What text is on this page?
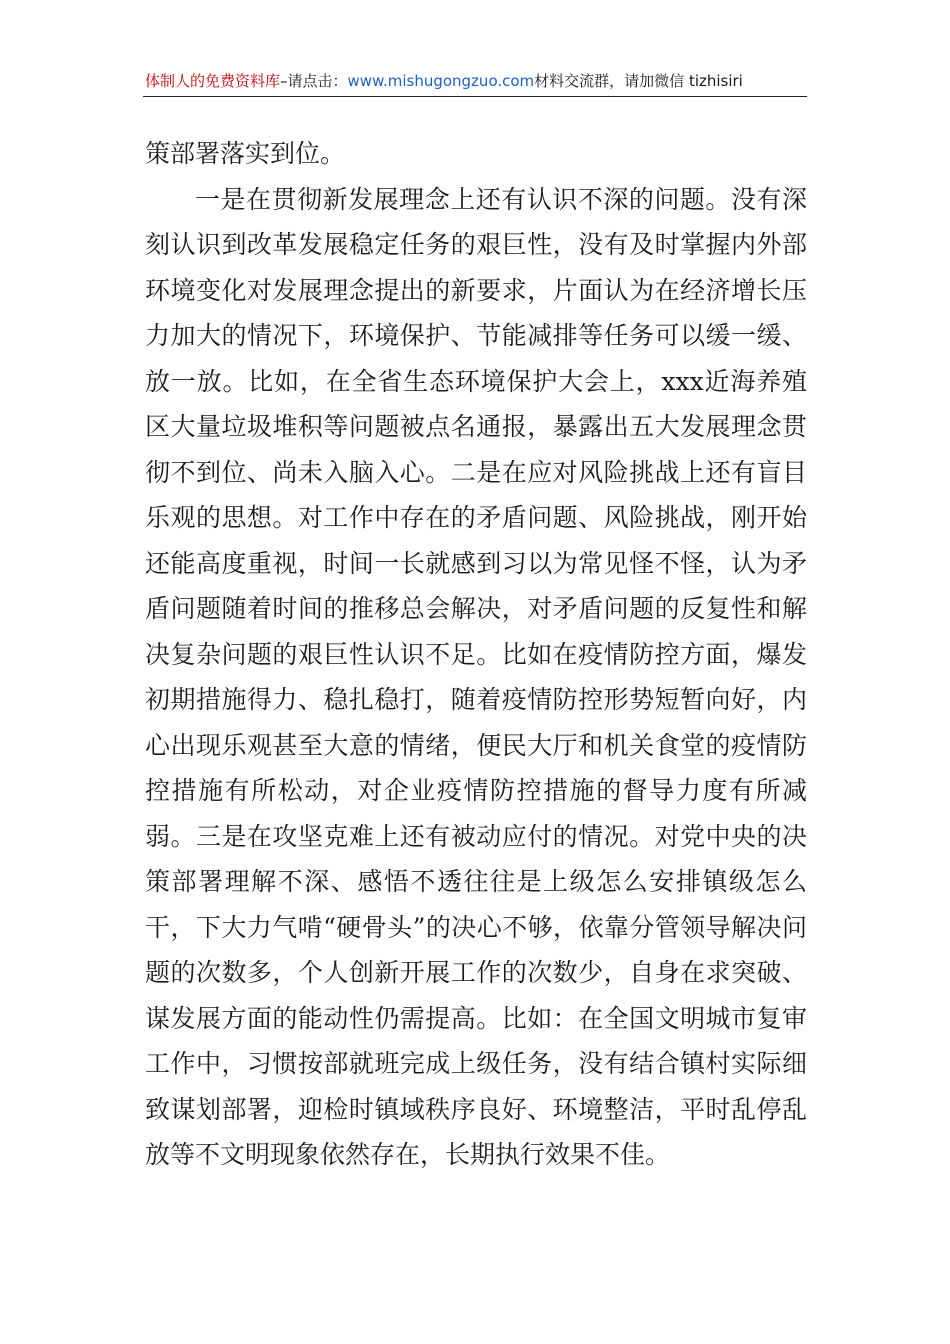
体制人的免费资料库–请点击：www.mishugongzuo.com材料交流群，请加微信 tizhisiri

策部署落实到位。

一是在贯彻新发展理念上还有认识不深的问题。没有深刻认识到改革发展稳定任务的艰巨性，没有及时掌握内外部环境变化对发展理念提出的新要求，片面认为在经济增长压力加大的情况下，环境保护、节能减排等任务可以缓一缓、放一放。比如，在全省生态环境保护大会上，xxx近海养殖区大量垃圾堆积等问题被点名通报，暴露出五大发展理念贯彻不到位、尚未入脑入心。二是在应对风险挑战上还有盲目乐观的思想。对工作中存在的矛盾问题、风险挑战，刚开始还能高度重视，时间一长就感到习以为常见怪不怪，认为矛盾问题随着时间的推移总会解决，对矛盾问题的反复性和解决复杂问题的艰巨性认识不足。比如在疫情防控方面，爆发初期措施得力、稳扎稳打，随着疫情防控形势短暂向好，内心出现乐观甚至大意的情绪，便民大厅和机关食堂的疫情防控措施有所松动，对企业疫情防控措施的督导力度有所减弱。三是在攻坚克难上还有被动应付的情况。对党中央的决策部署理解不深、感悟不透往往是上级怎么安排镇级怎么干，下大力气啃“硬骨头”的决心不够，依靠分管领导解决问题的次数多，个人创新开展工作的次数少，自身在求突破、谋发展方面的能动性仍需提高。比如：在全国文明城市复审工作中，习惯按部就班完成上级任务，没有结合镇村实际细致谋划部署，迎检时镇域秩序良好、环境整洁，平时乱停乱放等不文明现象依然存在，长期执行效果不佳。
